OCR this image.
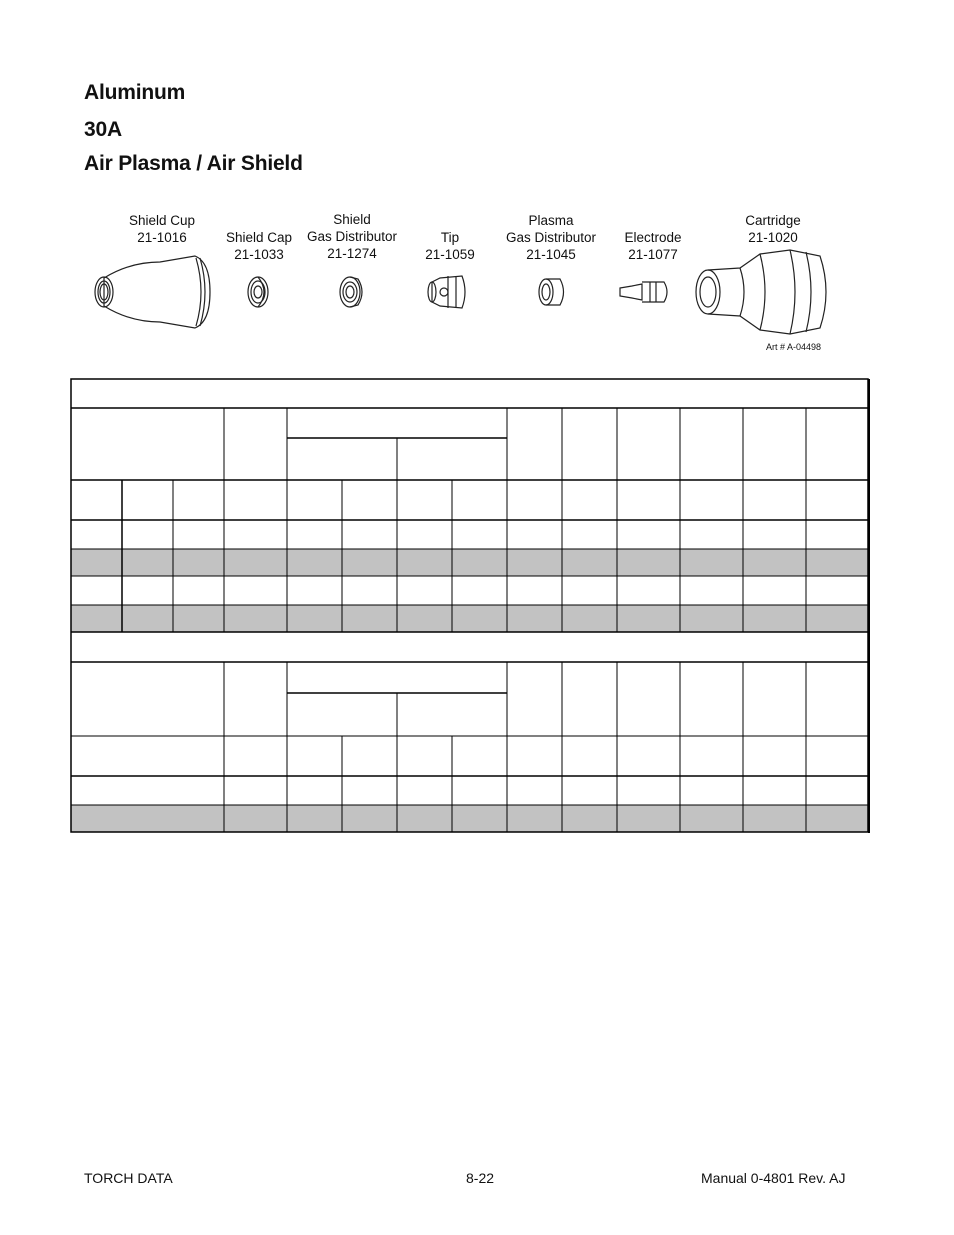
Aluminum
30A
Air Plasma / Air Shield
Shield Cup
21-1016	Shield Cap
21-1033
Shield
Gas Distributor
21-1274
Tip
21-1059
Plasma
Gas Distributor
21-1045
Electrode
21-1077
Cartridge
21-1020
Art # A-04498
TORCH DATA	8-22	Manual 0-4801 Rev. AJ
